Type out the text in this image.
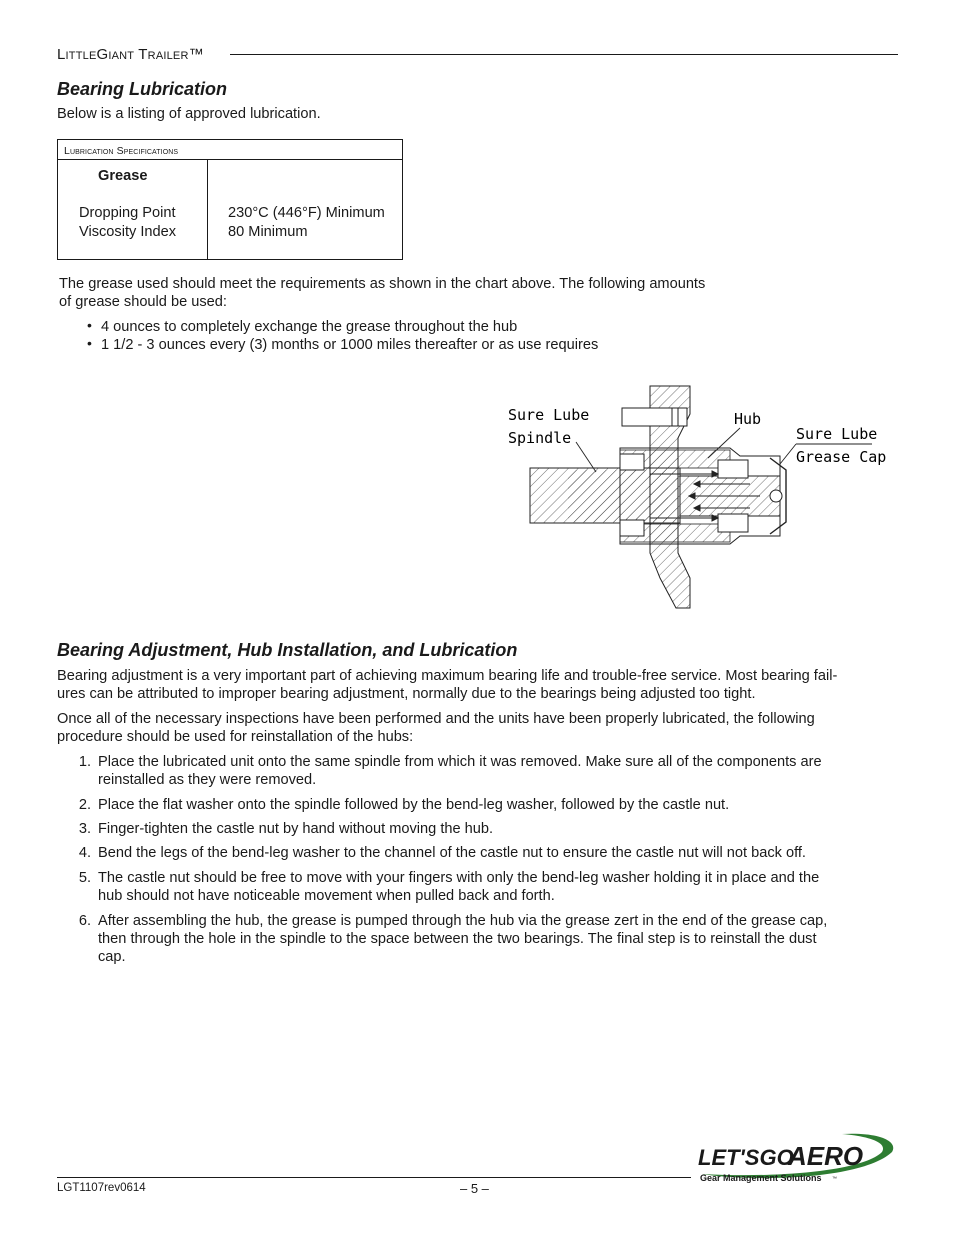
LittleGiant Trailer™
Bearing Lubrication
Below is a listing of approved lubrication.
Lubrication Specifications
Grease
Dropping Point	230°C (446°F) Minimum
Viscosity Index	80 Minimum
The grease used should meet the requirements as shown in the chart above. The following amounts
of grease should be used:
• 4 ounces to completely exchange the grease throughout the hub
• 1 1/2 - 3 ounces every (3) months or 1000 miles thereafter or as use requires
Sure Lube
Spindle
Hub
Sure Lube
Grease Cap
Bearing Adjustment, Hub Installation, and Lubrication
Bearing adjustment is a very important part of achieving maximum bearing life and trouble-free service. Most bearing fail-
ures can be attributed to improper bearing adjustment, normally due to the bearings being adjusted too tight.
Once all of the necessary inspections have been performed and the units have been properly lubricated, the following
procedure should be used for reinstallation of the hubs:
1. Place the lubricated unit onto the same spindle from which it was removed. Make sure all of the components are
reinstalled as they were removed.
2. Place the flat washer onto the spindle followed by the bend-leg washer, followed by the castle nut.
3. Finger-tighten the castle nut by hand without moving the hub.
4. Bend the legs of the bend-leg washer to the channel of the castle nut to ensure the castle nut will not back off.
5. The castle nut should be free to move with your fingers with only the bend-leg washer holding it in place and the
hub should not have noticeable movement when pulled back and forth.
6. After assembling the hub, the grease is pumped through the hub via the grease zert in the end of the grease cap,
then through the hole in the spindle to the space between the two bearings. The final step is to reinstall the dust
cap.
LGT1107rev0614	– 5 –
LET'SGO
AERO
Gear Management Solutions ™
